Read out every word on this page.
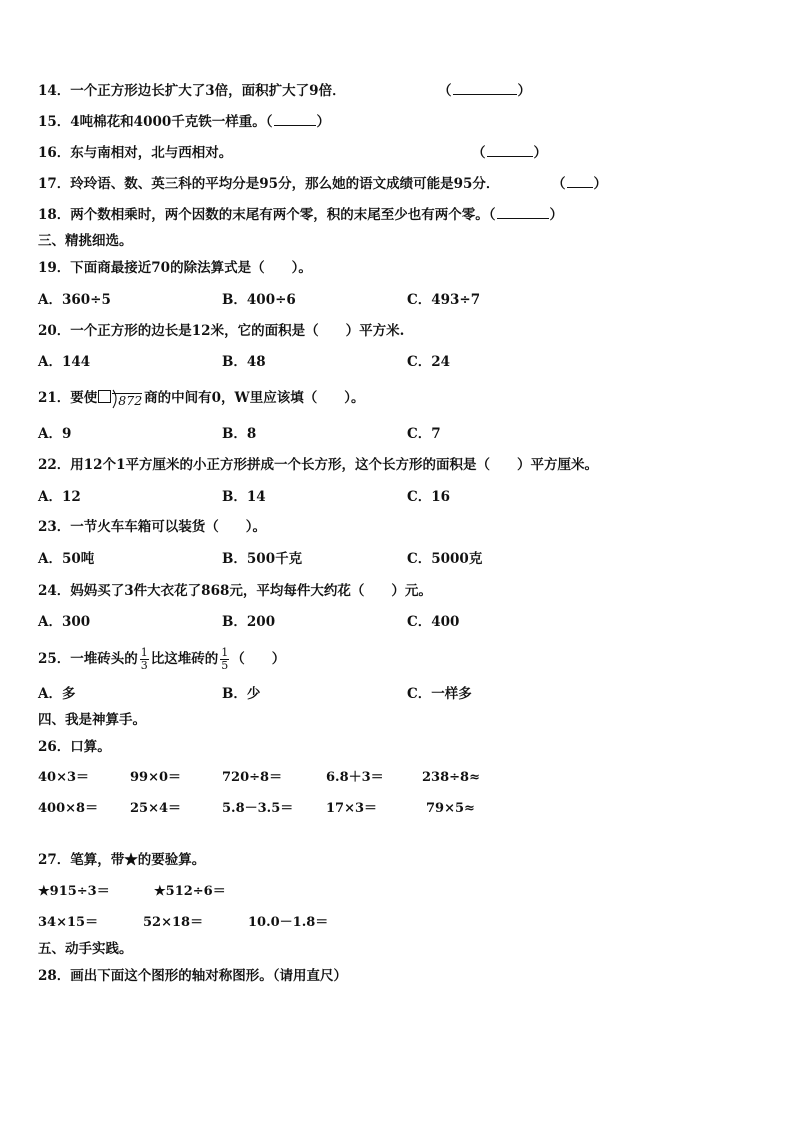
14．一个正方形边长扩大了3倍，面积扩大了9倍．	（	）
15．4吨棉花和4000千克铁一样重。（	）
16．东与南相对，北与西相对。	（	）
17．玲玲语、数、英三科的平均分是95分，那么她的语文成绩可能是95分．	（ ）
18．两个数相乘时，两个因数的末尾有两个零，积的末尾至少也有两个零。（	）
三、精挑细选。
19．下面商最接近70的除法算式是（　　）。
A．360÷5	B．400÷6	C．493÷7
20．一个正方形的边长是12米，它的面积是（　　）平方米.
A．144	B．48	C．24
21．要使 872 商的中间有0，W里应该填（　　）。
A．9	B．8	C．7
22．用12个1平方厘米的小正方形拼成一个长方形，这个长方形的面积是（　　）平方厘米。
A．12	B．14	C．16
23．一节火车车箱可以装货（　　）。
A．50吨	B．500千克	C．5000克
24．妈妈买了3件大衣花了868元，平均每件大约花（　　）元。
A．300	B．200	C．400
25．一堆砖头的 $\frac{1}{3}$ 比这堆砖的 $\frac{1}{5}$ （　　）
A．多	B．少	C．一样多
四、我是神算手。
26．口算。
40×3＝	99×0＝	720÷8＝	6.8＋3＝	238÷8≈
400×8＝ 25×4＝	5.8－3.5＝	17×3＝	79×5≈
27．笔算，带★的要验算。
★915÷3＝	★512÷6＝
34×15＝	52×18＝	10.0－1.8＝
五、动手实践。
28．画出下面这个图形的轴对称图形。（请用直尺）
